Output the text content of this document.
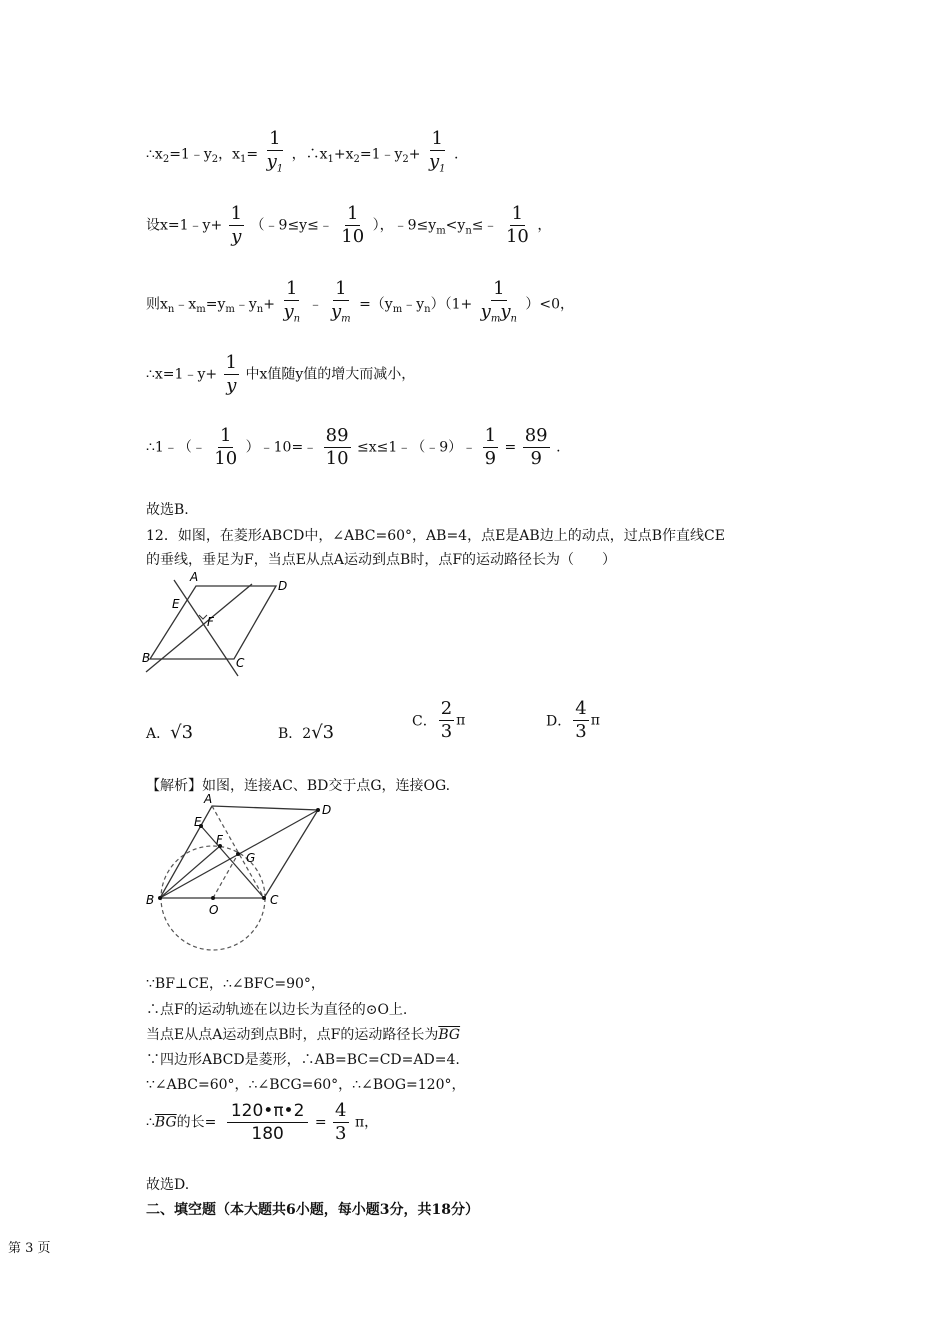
$\therefore x_2=1﹣y_2$，$x_1= \frac{1}{y_1}$ ，$\therefore x_1+x_2=1﹣y_2+ \frac{1}{y_1}$ .
设x=1﹣y+ $\frac{1}{y}$ （﹣9≤y≤﹣ $\frac{1}{10}$ ），$﹣9\le y_m<y_n\le﹣ \frac{1}{10}$ ，
则$x_n﹣x_m=y_m﹣y_n+ \frac{1}{y_n}$ ﹣ $\frac{1}{y_m}$ $=(y_m﹣y_n)(1+ \frac{1}{y_my_n} )<0$，
∴x=1﹣y+ $\frac{1}{y}$ 中x值随y值的增大而减小，
∴1﹣（﹣ $\frac{1}{10}$ ）﹣10=﹣ $\frac{89}{10}$ ≤x≤1﹣（﹣9）﹣ $\frac{1}{9} = \frac{89}{9}$ .
故选B.
12．如图，在菱形ABCD中，∠ABC=60°，AB=4，点E是AB边上的动点，过点B作直线CE
的垂线，垂足为F，当点E从点A运动到点B时，点F的运动路径长为（　　）
A
D
E
F
B	C
A．√3	B．2√3
C． $\frac{2}{3}$ π	D． $\frac{4}{3}$ π
【解析】如图，连接AC、BD交于点G，连接OG.
A
D
E
F
G
B
O
C
∵BF⊥CE，∴∠BFC=90°，
∴点F的运动轨迹在以边长为直径的⊙O上.
当点E从点A运动到点B时，点F的运动路径长为$\overline{BG}$
∵四边形ABCD是菱形，∴AB=BC=CD=AD=4.
∵∠ABC=60°，∴∠BCG=60°，∴∠BOG=120°，
$\therefore\overline{BG}$的长= $\frac{120•\pi•2}{180} = \frac{4}{3}$ π，
故选D.
二、填空题（本大题共6小题，每小题3分，共18分）
第 3 页
